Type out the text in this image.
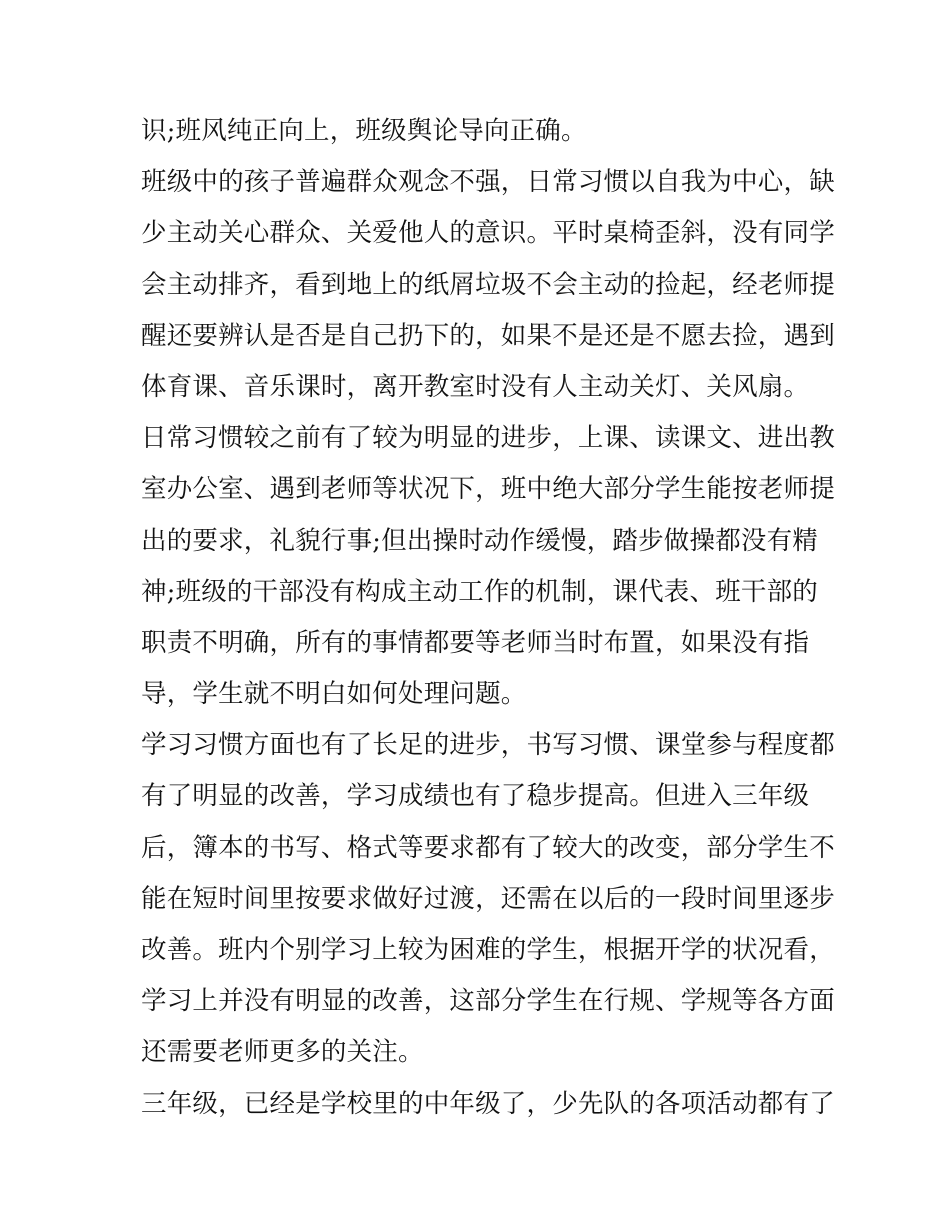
识;班风纯正向上，班级舆论导向正确。
班级中的孩子普遍群众观念不强，日常习惯以自我为中心，缺
少主动关心群众、关爱他人的意识。平时桌椅歪斜，没有同学
会主动排齐，看到地上的纸屑垃圾不会主动的捡起，经老师提
醒还要辨认是否是自己扔下的，如果不是还是不愿去捡，遇到
体育课、音乐课时，离开教室时没有人主动关灯、关风扇。
日常习惯较之前有了较为明显的进步，上课、读课文、进出教
室办公室、遇到老师等状况下，班中绝大部分学生能按老师提
出的要求，礼貌行事;但出操时动作缓慢，踏步做操都没有精
神;班级的干部没有构成主动工作的机制，课代表、班干部的
职责不明确，所有的事情都要等老师当时布置，如果没有指
导，学生就不明白如何处理问题。
学习习惯方面也有了长足的进步，书写习惯、课堂参与程度都
有了明显的改善，学习成绩也有了稳步提高。但进入三年级
后，簿本的书写、格式等要求都有了较大的改变，部分学生不
能在短时间里按要求做好过渡，还需在以后的一段时间里逐步
改善。班内个别学习上较为困难的学生，根据开学的状况看，
学习上并没有明显的改善，这部分学生在行规、学规等各方面
还需要老师更多的关注。
三年级，已经是学校里的中年级了，少先队的各项活动都有了
